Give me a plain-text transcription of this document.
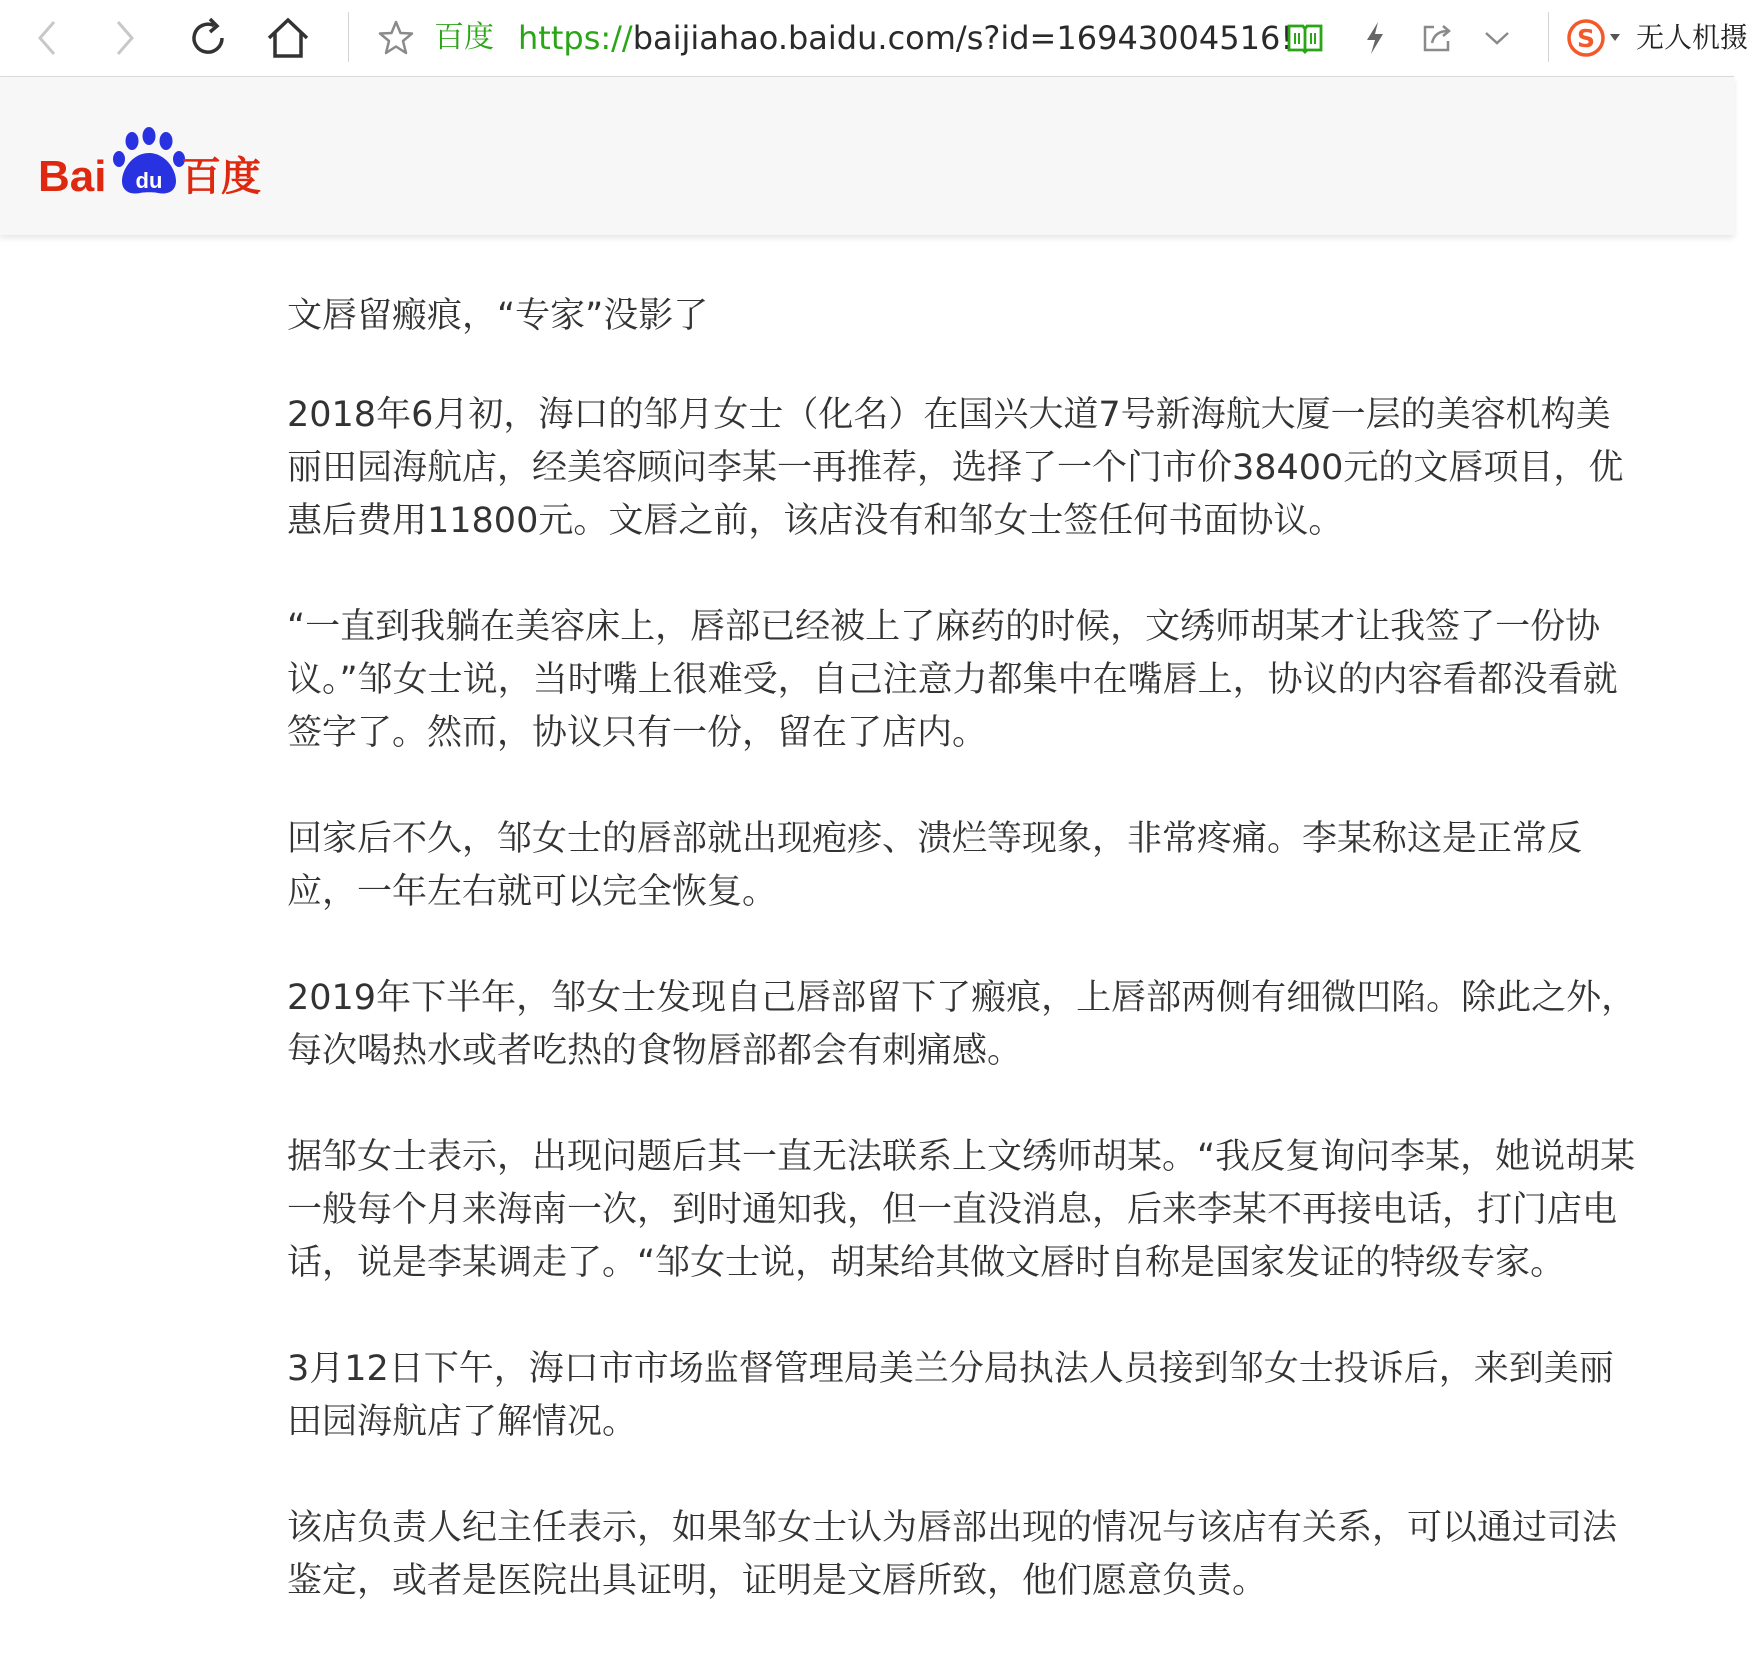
百度 https://baijiahao.baidu.com/s?id=16943004516!	S 无人机摄
Bai du 百度

文唇留瘢痕，“专家”没影了

2018年6月初，海口的邹月女士（化名）在国兴大道7号新海航大厦一层的美容机构美丽田园海航店，经美容顾问李某一再推荐，选择了一个门市价38400元的文唇项目，优惠后费用11800元。文唇之前，该店没有和邹女士签任何书面协议。

“一直到我躺在美容床上，唇部已经被上了麻药的时候，文绣师胡某才让我签了一份协议。”邹女士说，当时嘴上很难受，自己注意力都集中在嘴唇上，协议的内容看都没看就签字了。然而，协议只有一份，留在了店内。

回家后不久，邹女士的唇部就出现疱疹、溃烂等现象，非常疼痛。李某称这是正常反应，一年左右就可以完全恢复。

2019年下半年，邹女士发现自己唇部留下了瘢痕，上唇部两侧有细微凹陷。除此之外，每次喝热水或者吃热的食物唇部都会有刺痛感。

据邹女士表示，出现问题后其一直无法联系上文绣师胡某。“我反复询问李某，她说胡某一般每个月来海南一次，到时通知我，但一直没消息，后来李某不再接电话，打门店电话，说是李某调走了。“邹女士说，胡某给其做文唇时自称是国家发证的特级专家。

3月12日下午，海口市市场监督管理局美兰分局执法人员接到邹女士投诉后，来到美丽田园海航店了解情况。

该店负责人纪主任表示，如果邹女士认为唇部出现的情况与该店有关系，可以通过司法鉴定，或者是医院出具证明，证明是文唇所致，他们愿意负责。
